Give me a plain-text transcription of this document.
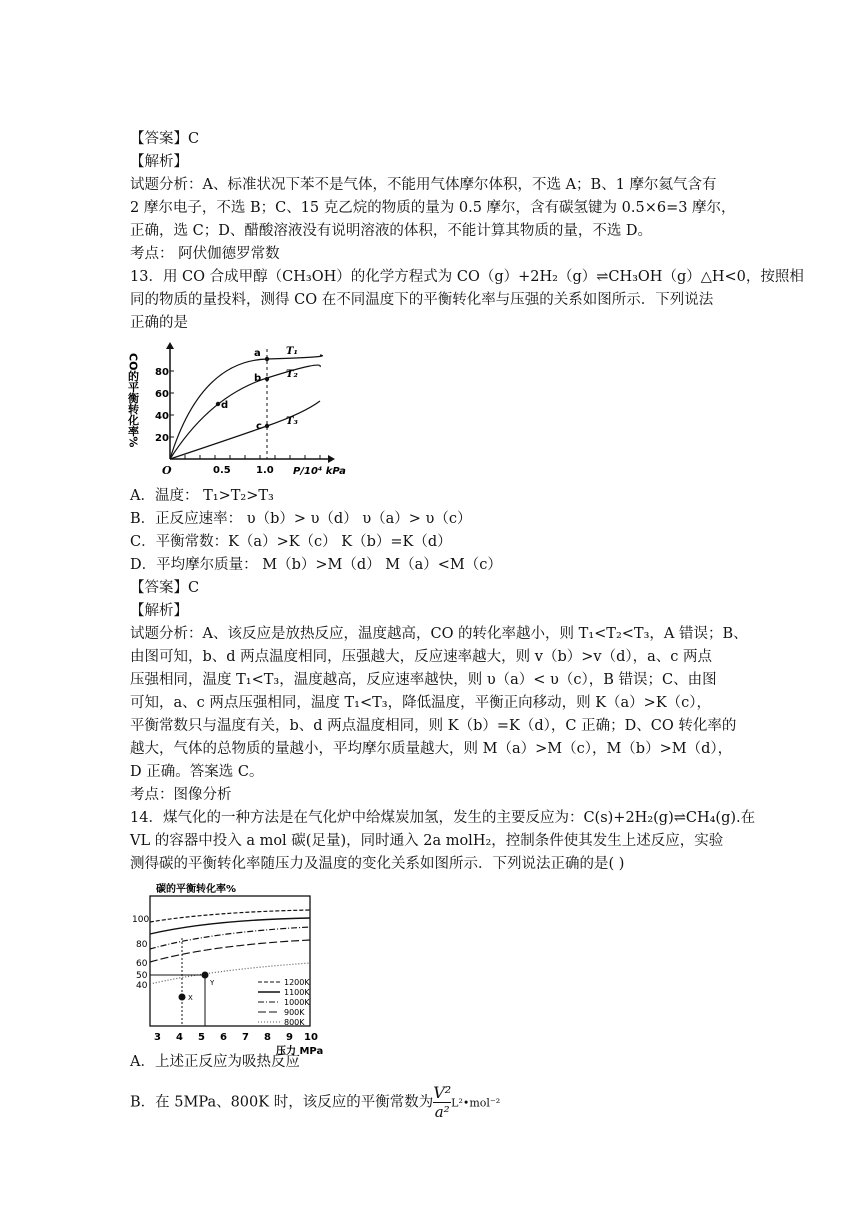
【答案】C
【解析】
试题分析：A、标准状况下苯不是气体，不能用气体摩尔体积，不选 A；B、1 摩尔氦气含有
2 摩尔电子，不选 B；C、15 克乙烷的物质的量为 0.5 摩尔，含有碳氢键为 0.5×6=3 摩尔，
正确，选 C；D、醋酸溶液没有说明溶液的体积，不能计算其物质的量，不选 D。
考点： 阿伏伽德罗常数
13．用 CO 合成甲醇（CH₃OH）的化学方程式为 CO（g）+2H₂（g）⇌CH₃OH（g）△H<0，按照相
同的物质的量投料，测得 CO 在不同温度下的平衡转化率与压强的关系如图所示．下列说法
正确的是
20
40
60
80
CO的平衡转化率%
O	0.5	1.0 P/10⁴ kPa
a
b
c
d
T₁
T₂
T₃
A．温度： T₁>T₂>T₃
B．正反应速率： υ（b）> υ（d） υ（a）> υ（c）
C．平衡常数：K（a）>K（c） K（b）=K（d）
D．平均摩尔质量： M（b）>M（d） M（a）<M（c）
【答案】C
【解析】
试题分析：A、该反应是放热反应，温度越高，CO 的转化率越小，则 T₁<T₂<T₃，A 错误；B、
由图可知，b、d 两点温度相同，压强越大，反应速率越大，则 v（b）>v（d），a、c 两点
压强相同，温度 T₁<T₃，温度越高，反应速率越快，则 υ（a）< υ（c），B 错误；C、由图
可知，a、c 两点压强相同，温度 T₁<T₃，降低温度，平衡正向移动，则 K（a）>K（c），
平衡常数只与温度有关，b、d 两点温度相同，则 K（b）=K（d），C 正确；D、CO 转化率的
越大，气体的总物质的量越小，平均摩尔质量越大，则 M（a）>M（c），M（b）>M（d），
D 正确。答案选 C。
考点：图像分析
14．煤气化的一种方法是在气化炉中给煤炭加氢，发生的主要反应为：C(s)+2H₂(g)⇌CH₄(g).在
VL 的容器中投入 a mol 碳(足量)，同时通入 2a molH₂，控制条件使其发生上述反应，实验
测得碳的平衡转化率随压力及温度的变化关系如图所示．下列说法正确的是( )
碳的平衡转化率%
100
80
60
50
40
3 4 5 6 7 8 9 10
压力 MPa
Y
X
1200K
1100K
1000K
900K
800K
A．上述正反应为吸热反应
B．在 5MPa、800K 时，该反应的平衡常数为 $\frac{\text{V²}}{\text{a²}}$ L²•mol⁻²
